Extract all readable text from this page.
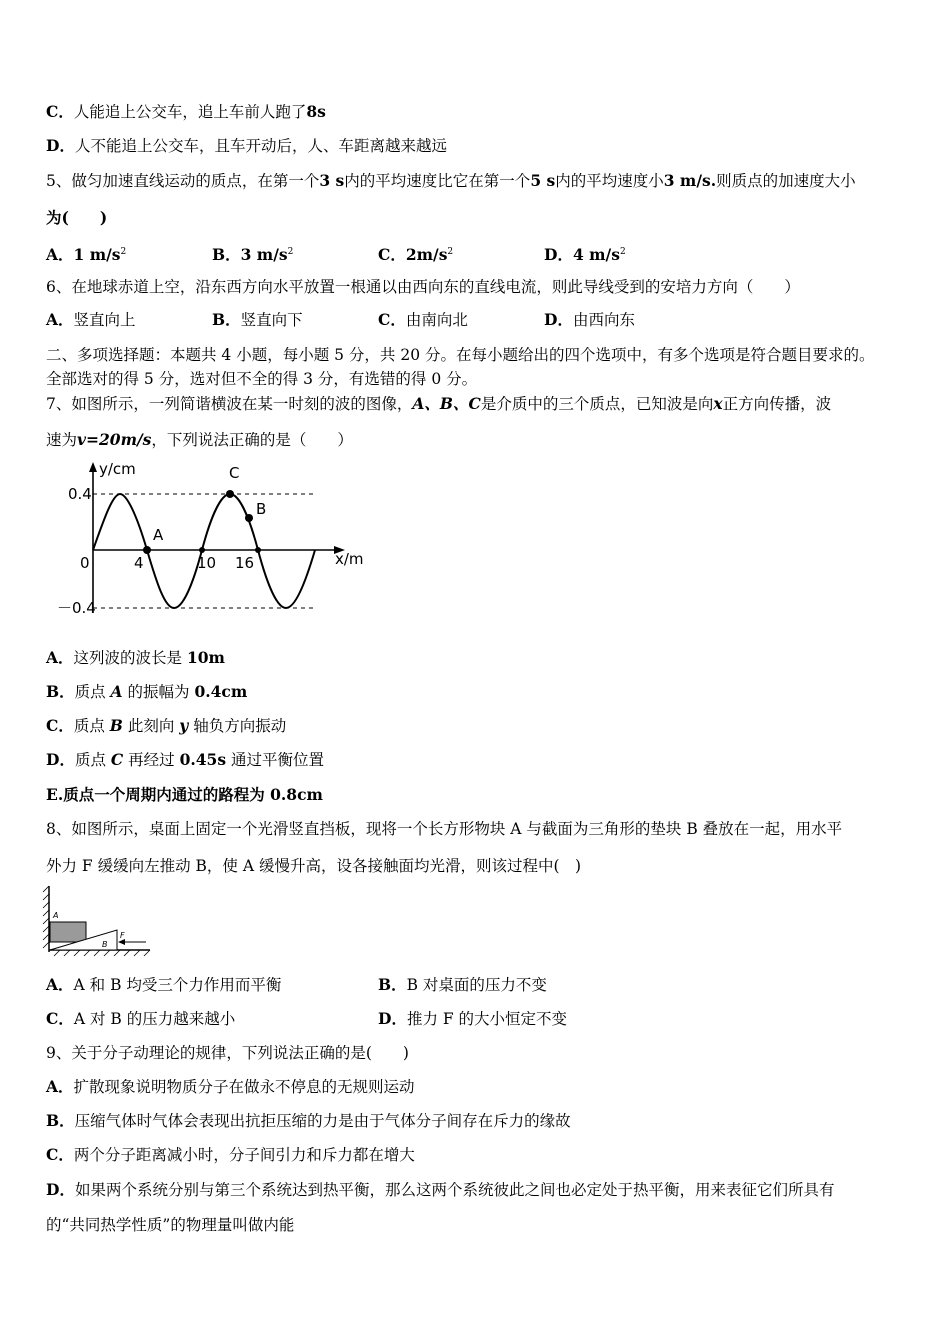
C．人能追上公交车，追上车前人跑了8s
D．人不能追上公交车，且车开动后，人、车距离越来越远
5、做匀加速直线运动的质点，在第一个3 s内的平均速度比它在第一个5 s内的平均速度小3 m/s.则质点的加速度大小
为(　　)
A．1 $m/s^2$	B．3 $m/s^2$	C．$2m/s^2$	D．4 $m/s^2$
6、在地球赤道上空，沿东西方向水平放置一根通以由西向东的直线电流，则此导线受到的安培力方向（　　）
A．竖直向上	B．竖直向下	C．由南向北	D．由西向东
二、多项选择题：本题共 4 小题，每小题 5 分，共 20 分。在每小题给出的四个选项中，有多个选项是符合题目要求的。
全部选对的得 5 分，选对但不全的得 3 分，有选错的得 0 分。
7、如图所示，一列简谐横波在某一时刻的波的图像，A、B、C是介质中的三个质点，已知波是向x正方向传播，波
速为v=20m/s，下列说法正确的是（　　）
y/cm
x/m
0.4
－0.4
0	4	10 16
A
C
B
A．这列波的波长是 10m
B．质点 A 的振幅为 0.4cm
C．质点 B 此刻向 y 轴负方向振动
D．质点 C 再经过 0.45s 通过平衡位置
E.质点一个周期内通过的路程为 0.8cm
8、如图所示，桌面上固定一个光滑竖直挡板，现将一个长方形物块 A 与截面为三角形的垫块 B 叠放在一起，用水平
外力 F 缓缓向左推动 B，使 A 缓慢升高，设各接触面均光滑，则该过程中(　)
A
B
F
A．A 和 B 均受三个力作用而平衡	B．B 对桌面的压力不变
C．A 对 B 的压力越来越小	D．推力 F 的大小恒定不变
9、关于分子动理论的规律，下列说法正确的是(　　)
A．扩散现象说明物质分子在做永不停息的无规则运动
B．压缩气体时气体会表现出抗拒压缩的力是由于气体分子间存在斥力的缘故
C．两个分子距离减小时，分子间引力和斥力都在增大
D．如果两个系统分别与第三个系统达到热平衡，那么这两个系统彼此之间也必定处于热平衡，用来表征它们所具有
的“共同热学性质”的物理量叫做内能
